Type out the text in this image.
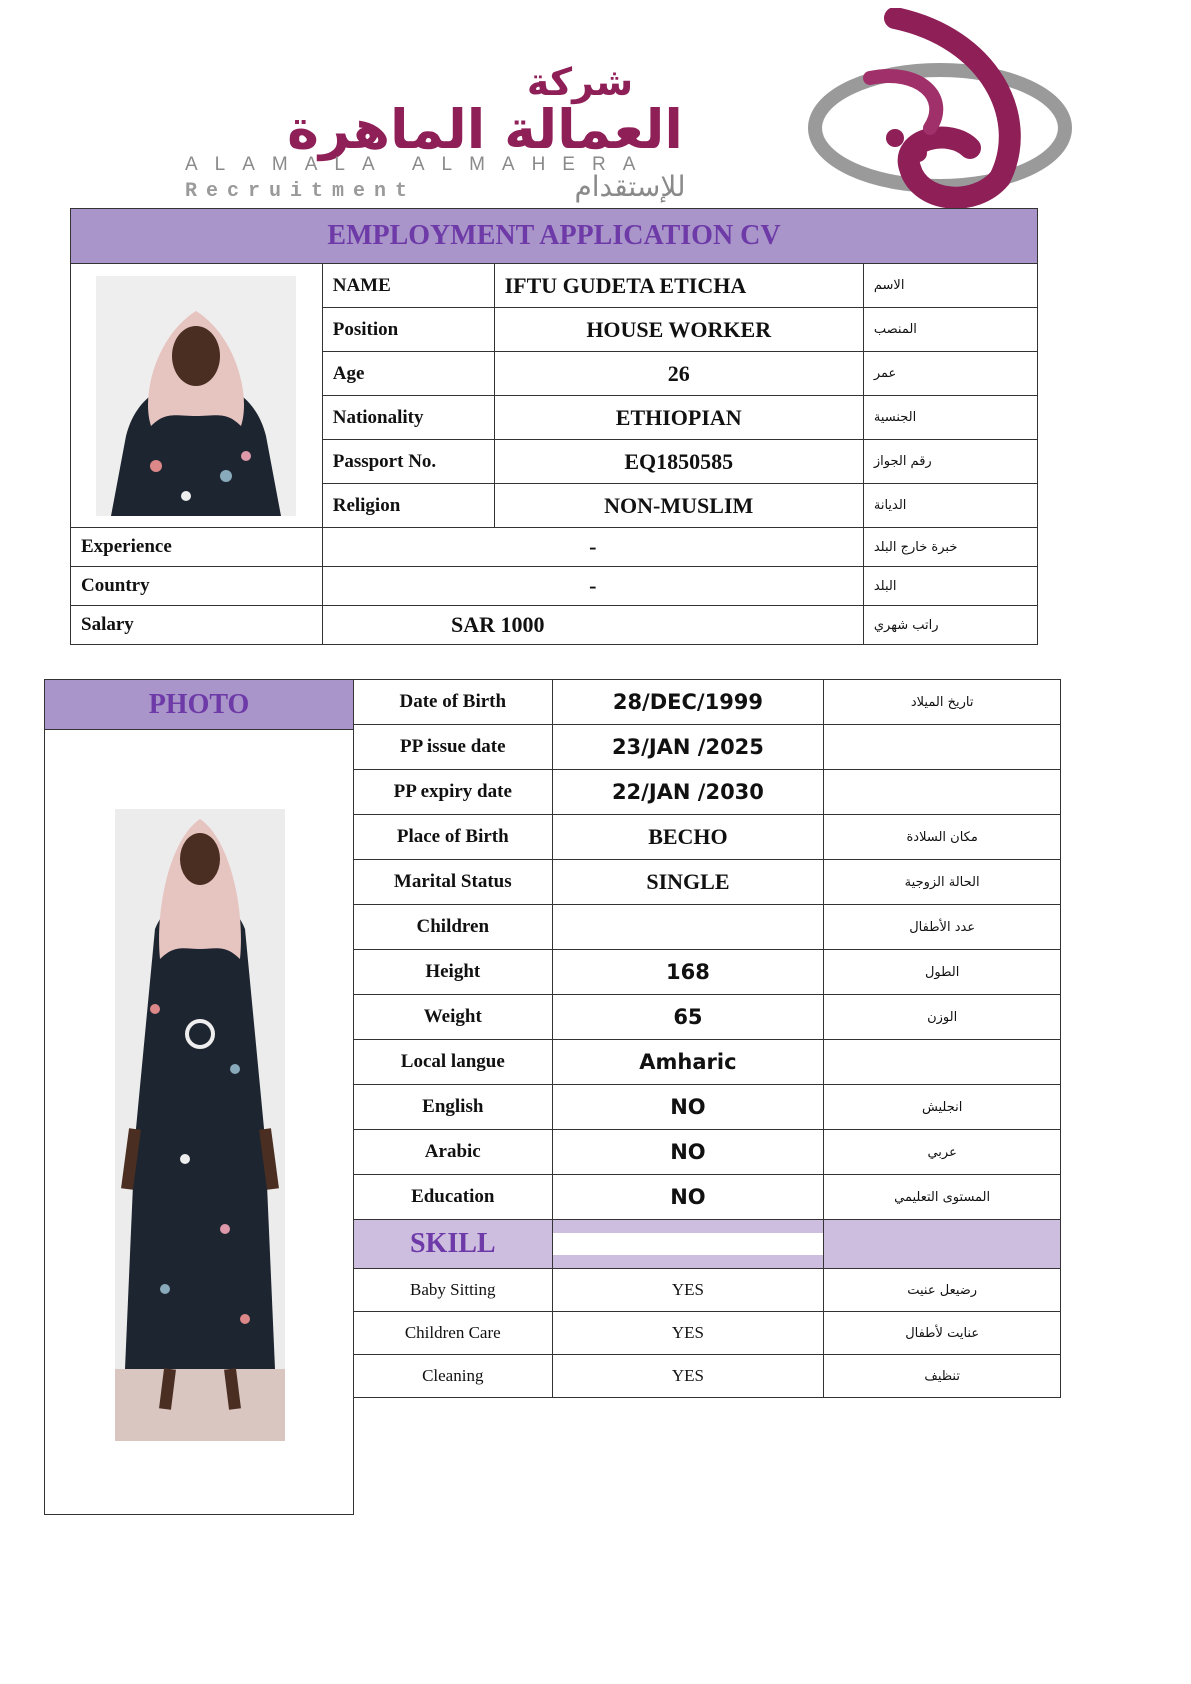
شركة
العمالة الماهرة
ALAMALA ALMAHERA
Recruitment	للإستقدام
EMPLOYMENT APPLICATION CV			

	NAME	IFTU GUDETA ETICHA	الاسم
	Position	HOUSE WORKER	المنصب
	Age	26	عمر
	Nationality	ETHIOPIAN	الجنسية
	Passport No.	EQ1850585	رقم الجواز
	Religion	NON-MUSLIM	الديانة
Experience	-		خبرة خارج البلد
Country	-		البلد
Salary	SAR 1000		راتب شهري
PHOTO	Date of Birth	28/DEC/1999	تاريخ الميلاد
PP issue date	23/JAN /2025	
PP expiry date	22/JAN /2030	
Place of Birth	BECHO	مكان السلادة
Marital Status	SINGLE	الحالة الزوجية
Children		عدد الأطفال
Height	168	الطول
Weight	65	الوزن
Local langue	Amharic	
English	NO	انجليش
Arabic	NO	عربي
Education	NO	المستوى التعليمي
SKILL	

Baby Sitting	YES	رضيعل عنيت
Children Care	YES	عنايت لأطفال
Cleaning	YES	تنظيف
